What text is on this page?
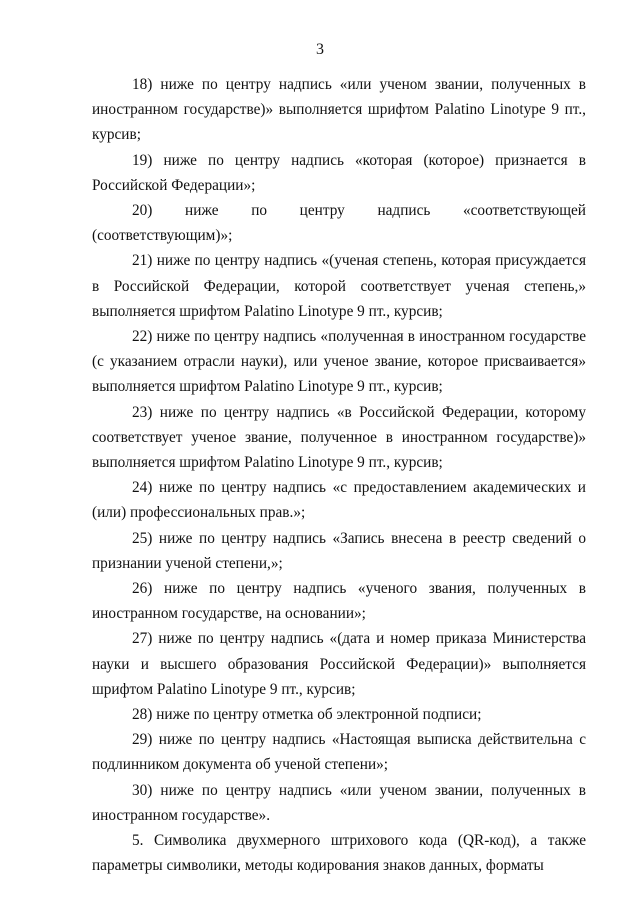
3

18) ниже по центру надпись «или ученом звании, полученных в иностранном государстве)» выполняется шрифтом Palatino Linotype 9 пт., курсив;

19) ниже по центру надпись «которая (которое) признается в Российской Федерации»;

20) ниже по центру надпись «соответствующей (соответствующим)»;

21) ниже по центру надпись «(ученая степень, которая присуждается в Российской Федерации, которой соответствует ученая степень,» выполняется шрифтом Palatino Linotype 9 пт., курсив;

22) ниже по центру надпись «полученная в иностранном государстве (с указанием отрасли науки), или ученое звание, которое присваивается» выполняется шрифтом Palatino Linotype 9 пт., курсив;

23) ниже по центру надпись «в Российской Федерации, которому соответствует ученое звание, полученное в иностранном государстве)» выполняется шрифтом Palatino Linotype 9 пт., курсив;

24) ниже по центру надпись «с предоставлением академических и (или) профессиональных прав.»;

25) ниже по центру надпись «Запись внесена в реестр сведений о признании ученой степени,»;

26) ниже по центру надпись «ученого звания, полученных в иностранном государстве, на основании»;

27) ниже по центру надпись «(дата и номер приказа Министерства науки и высшего образования Российской Федерации)» выполняется шрифтом Palatino Linotype 9 пт., курсив;

28) ниже по центру отметка об электронной подписи;

29) ниже по центру надпись «Настоящая выписка действительна с подлинником документа об ученой степени»;

30) ниже по центру надпись «или ученом звании, полученных в иностранном государстве».

5. Символика двухмерного штрихового кода (QR-код), а также параметры символики, методы кодирования знаков данных, форматы
